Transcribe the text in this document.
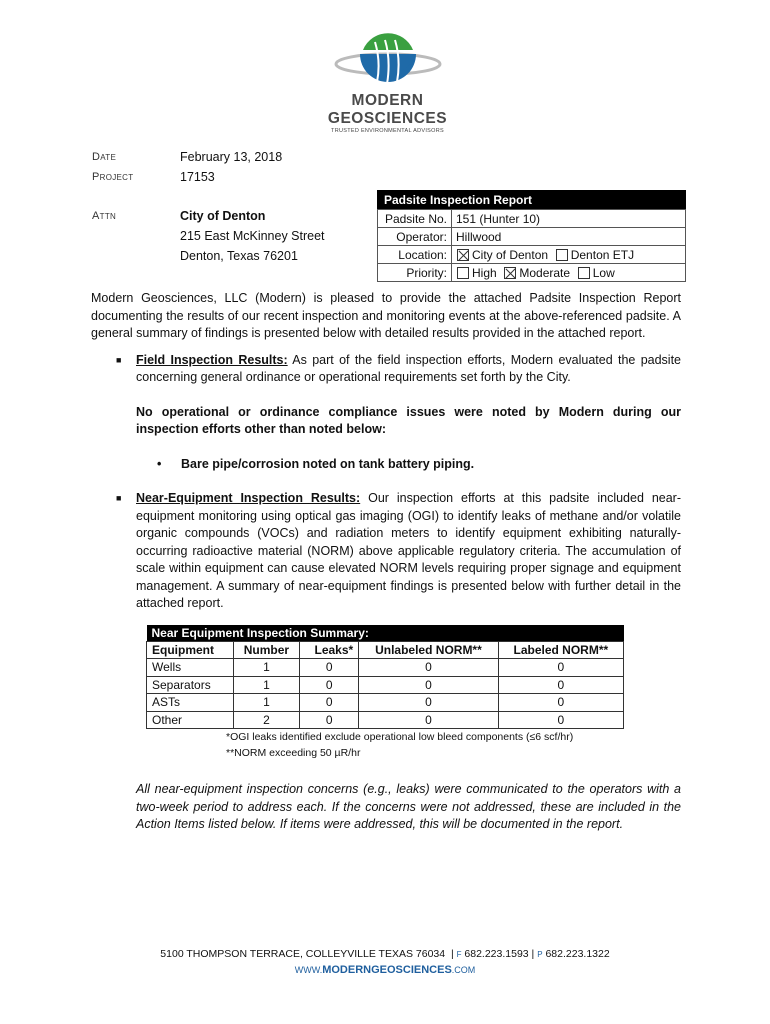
MODERN GEOSCIENCES
TRUSTED ENVIRONMENTAL ADVISORS
Date	February 13, 2018
Project	17153
Attn	City of Denton
215 East McKinney Street
Denton, Texas 76201
Padsite Inspection Report	
Padsite No.	151 (Hunter 10)
Operator:	Hillwood
Location:	City of Denton Denton ETJ
Priority:	High Moderate Low

Modern Geosciences, LLC (Modern) is pleased to provide the attached Padsite Inspection Report documenting the results of our recent inspection and monitoring events at the above-referenced padsite. A general summary of findings is presented below with detailed results provided in the attached report.

■ Field Inspection Results: As part of the field inspection efforts, Modern evaluated the padsite concerning general ordinance or operational requirements set forth by the City.

No operational or ordinance compliance issues were noted by Modern during our inspection efforts other than noted below:

• Bare pipe/corrosion noted on tank battery piping.

■ Near-Equipment Inspection Results: Our inspection efforts at this padsite included near-equipment monitoring using optical gas imaging (OGI) to identify leaks of methane and/or volatile organic compounds (VOCs) and radiation meters to identify equipment exhibiting naturally-occurring radioactive material (NORM) above applicable regulatory criteria. The accumulation of scale within equipment can cause elevated NORM levels requiring proper signage and equipment management. A summary of near-equipment findings is presented below with further detail in the attached report.

Near Equipment Inspection Summary:				
Equipment	Number	Leaks*	Unlabeled NORM**	Labeled NORM**
Wells	1	0	0	0
Separators	1	0	0	0
ASTs	1	0	0	0
Other	2	0	0	0
*OGI leaks identified exclude operational low bleed components (≤6 scf/hr)
**NORM exceeding 50 µR/hr

All near-equipment inspection concerns (e.g., leaks) were communicated to the operators with a two-week period to address each. If the concerns were not addressed, these are included in the Action Items listed below. If items were addressed, this will be documented in the report.

5100 THOMPSON TERRACE, COLLEYVILLE TEXAS 76034  | F 682.223.1593 | P 682.223.1322
WWW.MODERNGEOSCIENCES.COM
